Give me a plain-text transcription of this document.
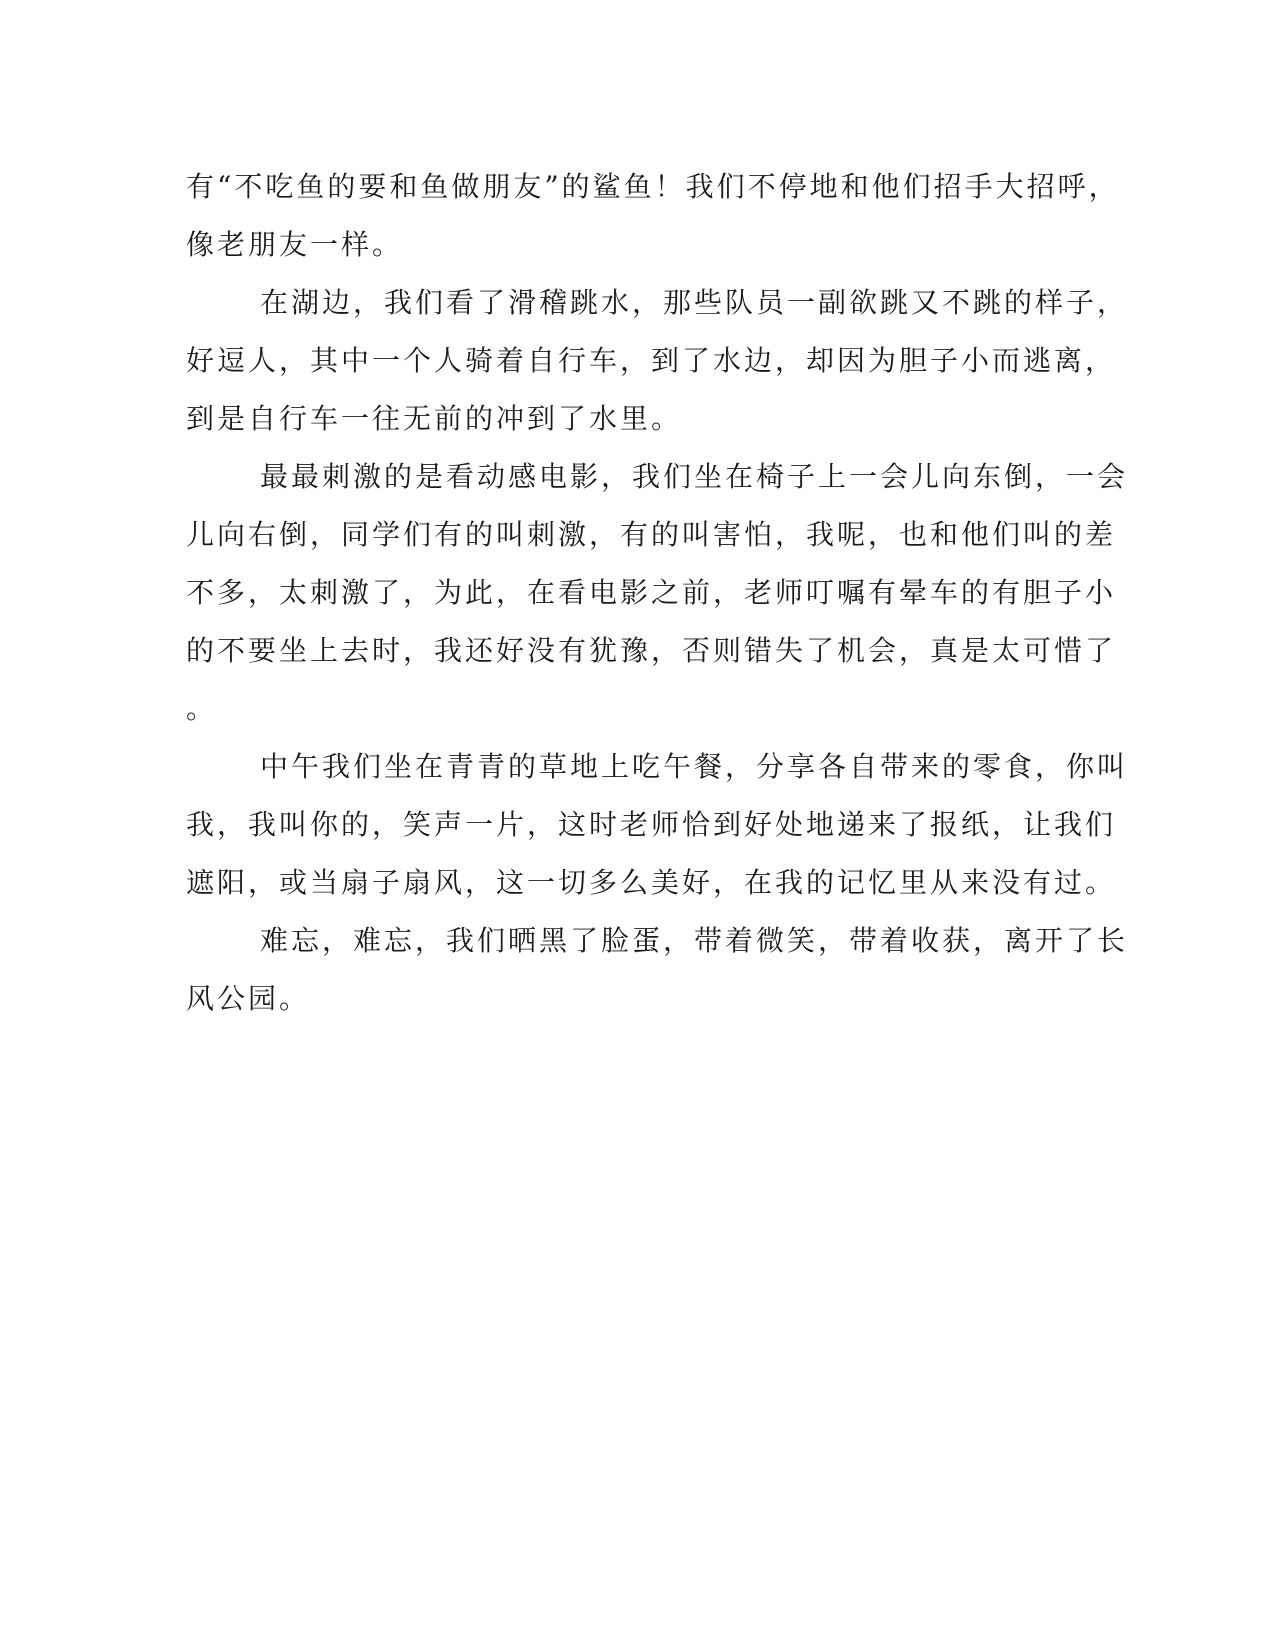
有“不吃鱼的要和鱼做朋友”的鲨鱼！我们不停地和他们招手大招呼，
像老朋友一样。
在湖边，我们看了滑稽跳水，那些队员一副欲跳又不跳的样子，
好逗人，其中一个人骑着自行车，到了水边，却因为胆子小而逃离，
到是自行车一往无前的冲到了水里。
最最刺激的是看动感电影，我们坐在椅子上一会儿向东倒，一会
儿向右倒，同学们有的叫刺激，有的叫害怕，我呢，也和他们叫的差
不多，太刺激了，为此，在看电影之前，老师叮嘱有晕车的有胆子小
的不要坐上去时，我还好没有犹豫，否则错失了机会，真是太可惜了
。
中午我们坐在青青的草地上吃午餐，分享各自带来的零食，你叫
我，我叫你的，笑声一片，这时老师恰到好处地递来了报纸，让我们
遮阳，或当扇子扇风，这一切多么美好，在我的记忆里从来没有过。
难忘，难忘，我们晒黑了脸蛋，带着微笑，带着收获，离开了长
风公园。
